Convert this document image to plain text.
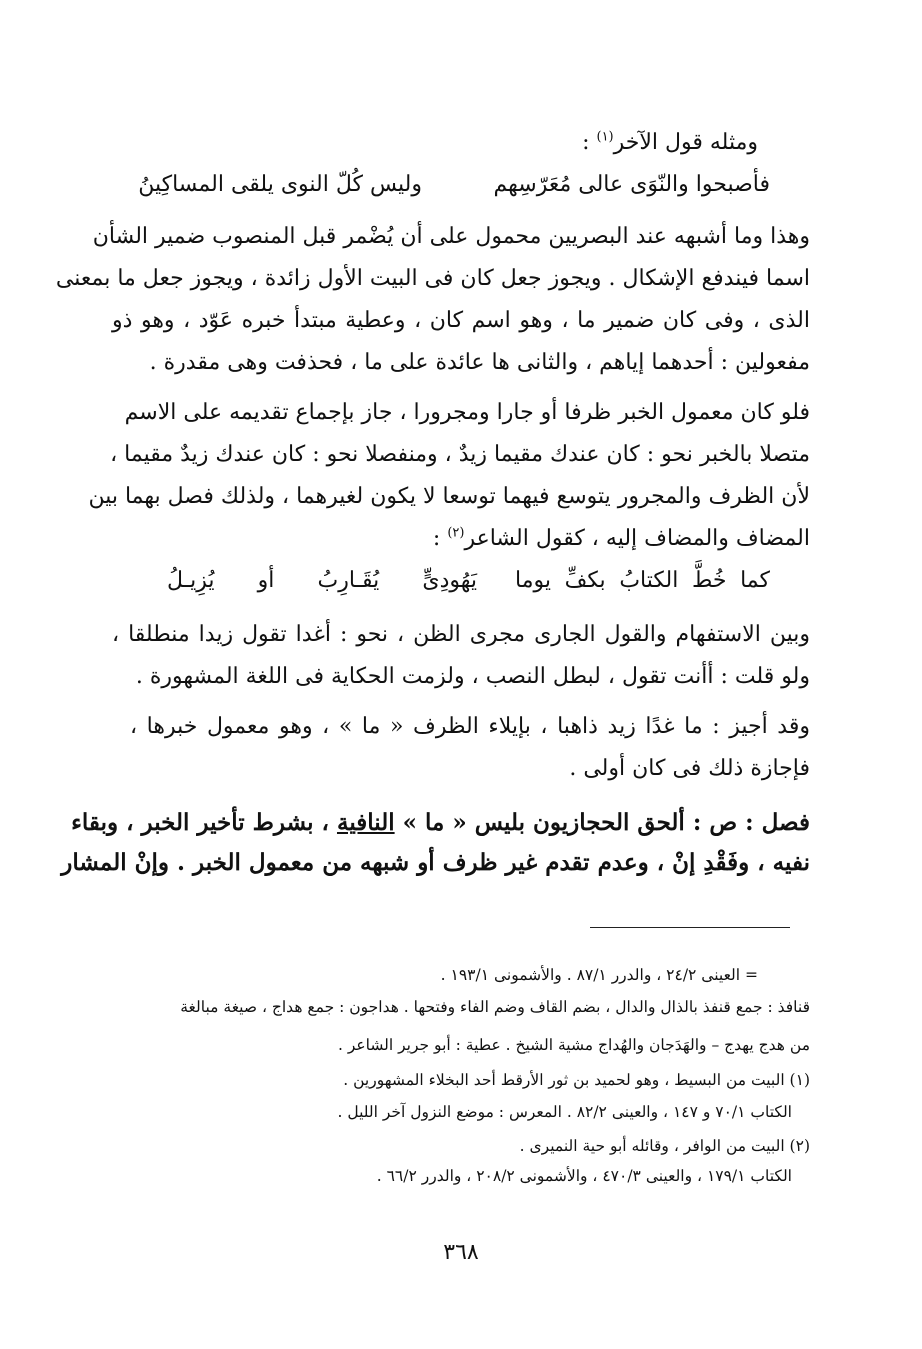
ومثله قول الآخر$^{(١)}$ :
فأصبحوا والنّوَى عالى مُعَرّسِهم
وليس كُلّ النوى يلقى المساكِينُ
وهذا وما أشبهه عند البصريين محمول على أن يُضْمر قبل المنصوب ضمير الشأن
اسما فيندفع الإشكال . ويجوز جعل كان فى البيت الأول زائدة ، ويجوز جعل ما بمعنى
الذى ، وفى كان ضمير ما ، وهو اسم كان ، وعطية مبتدأ خبره عَوّد ، وهو ذو
مفعولين : أحدهما إياهم ، والثانى ها عائدة على ما ، فحذفت وهى مقدرة .
فلو كان معمول الخبر ظرفا أو جارا ومجرورا ، جاز بإجماع تقديمه على الاسم
متصلا بالخبر نحو : كان عندك مقيما زيدٌ ، ومنفصلا نحو : كان عندك زيدٌ مقيما ،
لأن الظرف والمجرور يتوسع فيهما توسعا لا يكون لغيرهما ، ولذلك فصل بهما بين
المضاف والمضاف إليه ، كقول الشاعر$^{(٢)}$ :
كما خُطَّ الكتابُ بكفِّ يوما
يَهُودِىٍّ يُقَـارِبُ أو يُزِيـلُ
وبين الاستفهام والقول الجارى مجرى الظن ، نحو : أغدا تقول زيدا منطلقا ،
ولو قلت : أأنت تقول ، لبطل النصب ، ولزمت الحكاية فى اللغة المشهورة .
وقد أجيز : ما غدًا زيد ذاهبا ، بإيلاء الظرف « ما » ، وهو معمول خبرها ،
فإجازة ذلك فى كان أولى .
فصل : ص : ألحق الحجازيون بليس « ما » النافية ، بشرط تأخير الخبر ، وبقاء
نفيه ، وفَقْدِ إنْ ، وعدم تقدم غير ظرف أو شبهه من معمول الخبر . وإنْ المشار
= العينى ٢٤/٢ ، والدرر ٨٧/١ . والأشمونى ١٩٣/١ .
قنافذ : جمع قنفذ بالذال والدال ، بضم القاف وضم الفاء وفتحها . هداجون : جمع هداج ، صيغة مبالغة
من هدج يهدج – والهَدَجان والهُداج مشية الشيخ . عطية : أبو جرير الشاعر .
(١) البيت من البسيط ، وهو لحميد بن ثور الأرقط أحد البخلاء المشهورين .
الكتاب ٧٠/١ و ١٤٧ ، والعينى ٨٢/٢ . المعرس : موضع النزول آخر الليل .
(٢) البيت من الوافر ، وقائله أبو حية النميرى .
الكتاب ١٧٩/١ ، والعينى ٤٧٠/٣ ، والأشمونى ٢٠٨/٢ ، والدرر ٦٦/٢ .
٣٦٨
